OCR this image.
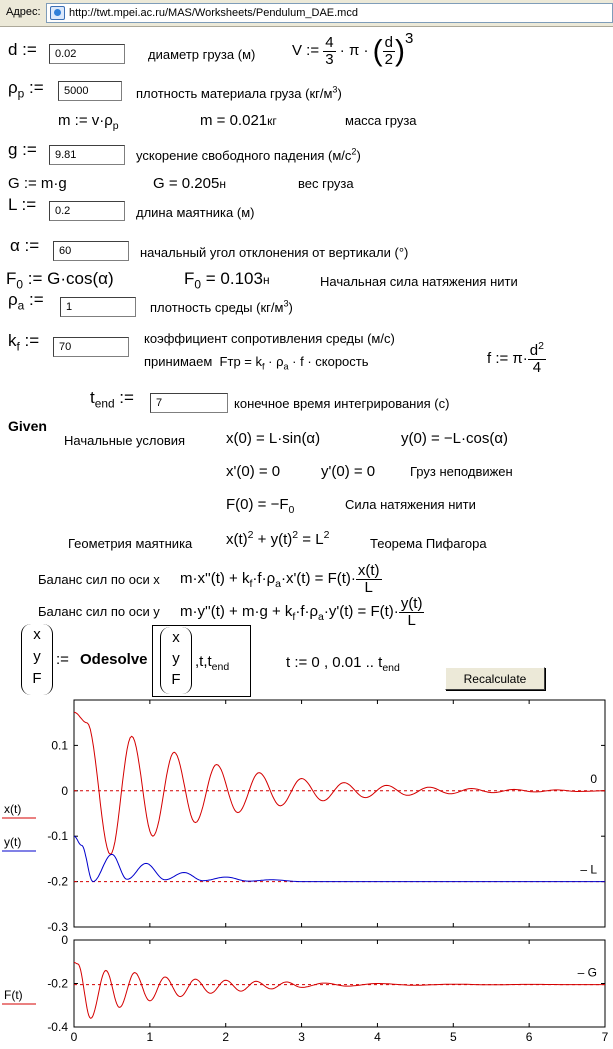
Адрес:	http://twt.mpei.ac.ru/MAS/Worksheets/Pendulum_DAE.mcd
d :=	0.02	диаметр груза (м) V := $\frac{4}{3} \cdot \pi$ · ( $\frac{d}{2} )^3$
$\rho_p$ :=	5000	плотность материала груза $(кг/м^3)$
m := $v\cdot\rho_p$	m = 0.021кг	масса груза
g :=	9.81	ускорение свободного падения $(м/с^2)$
G := m·g	G = 0.205н	вес груза
L :=	0.2	длина маятника (м)
α :=	60	начальный угол отклонения от вертикали (°)
$F_0$ := G·cos(α)	$F_0 = 0.103н$	Начальная сила натяжения нити
$\rho_a$ :=	1	плотность среды $(кг/м^3)$
$k_f$ :=	70
коэффициент сопротивления среды (м/с)
принимаем Fтр = $k_f \cdot \rho_a \cdot f$ · скорость	f := $\pi\cdot \frac{d^2}{4}$
$t_{end}$ :=	7	конечное время интегрирования (с)
Given
Начальные условия	x(0) = L·sin(α)	y(0) = −L·cos(α)
x'(0) = 0	y'(0) = 0	Груз неподвижен
$F(0) = -F_0$	Сила натяжения нити
Геометрия маятника $x(t)^2 + y(t)^2 = L^2$
Теорема Пифагора
Баланс сил по оси x $m\cdot x''(t) + k_f\cdot f\cdot\rho_a\cdot x'(t) = F(t)\cdot \frac{x(t)}{L}$
Баланс сил по оси y $m\cdot y''(t) + m\cdot g + k_f\cdot f\cdot\rho_a\cdot y'(t) = F(t)\cdot \frac{y(t)}{L}$
x
y
F
:= Odesolve
x
y
F
$,t,t_{end}$	t := 0 , 0.01 .. $t_{end}$
Recalculate
0.1
0
-0.1
-0.2
-0.3
0
– L
x(t)
y(t)
0
-0.2
-0.4
0	1	2	3	4	5	6	7
– G
F(t)
